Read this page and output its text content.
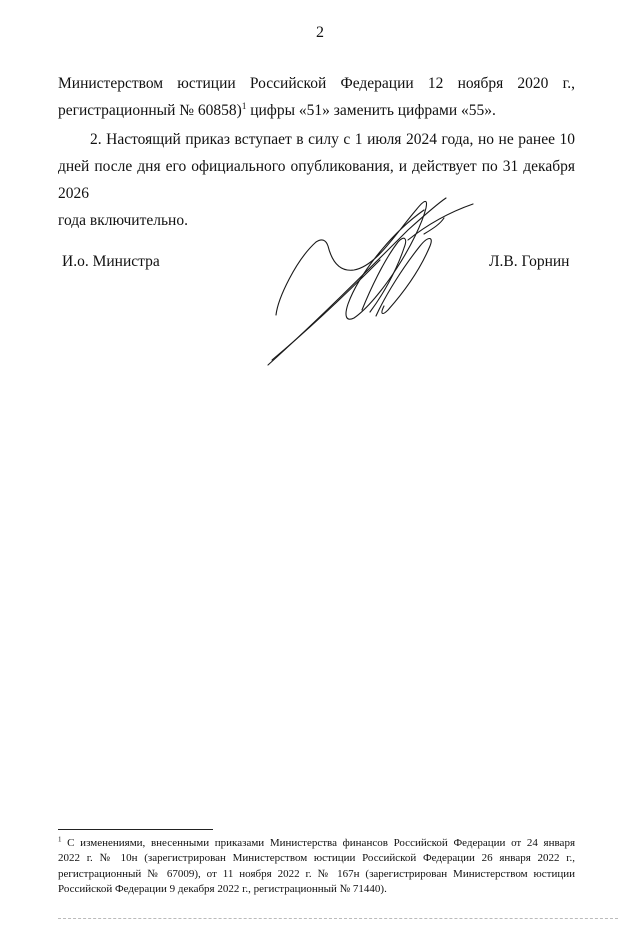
2
Министерством юстиции Российской Федерации 12 ноября 2020 г.,
регистрационный № 60858)$^1$ цифры «51» заменить цифрами «55».
2. Настоящий приказ вступает в силу с 1 июля 2024 года, но не ранее 10
дней после дня его официального опубликования, и действует по 31 декабря 2026
года включительно.
И.о. Министра	Л.В. Горнин
$^1$ С изменениями, внесенными приказами Министерства финансов Российской Федерации от 24 января
2022 г. № 10н (зарегистрирован Министерством юстиции Российской Федерации 26 января 2022 г.,
регистрационный № 67009), от 11 ноября 2022 г. № 167н (зарегистрирован Министерством юстиции
Российской Федерации 9 декабря 2022 г., регистрационный № 71440).
